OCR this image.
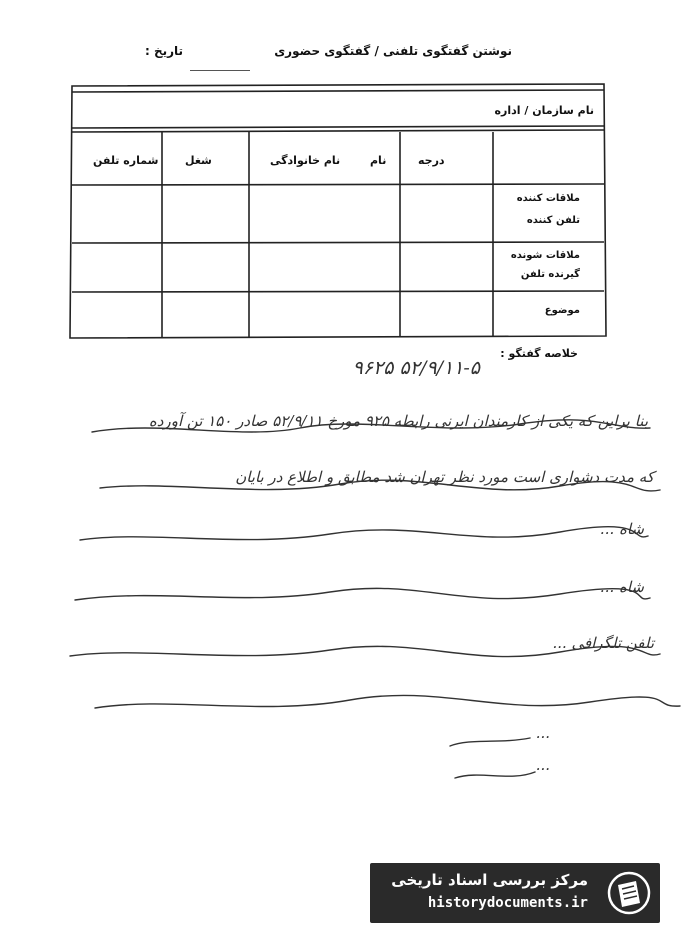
نوشتن گفتگوی تلفنی / گفتگوی حضوری
تاریخ :
نام سازمان / اداره
درجه
نام
نام خانوادگی
شغل
شماره تلفن
ملاقات کننده
تلفن کننده
ملاقات شونده
گیرنده تلفن
موضوع
خلاصه گفتگو :
۵۲/۹/۱۱-۵ ۹۶۲۵
بنا براین که یکی از کارمندان ایرنی رابطه ۹۲۵ مورخ ۵۲/۹/۱۱ صادر ۱۵۰ تن آورده
که مدت دشواری است مورد نظر تهران شد مطابق و اطلاع در بایان
شاه ...
شاه ...
تلفن تلگرافی ...
...
...
مرکز بررسی اسناد تاریخی
historydocuments.ir
